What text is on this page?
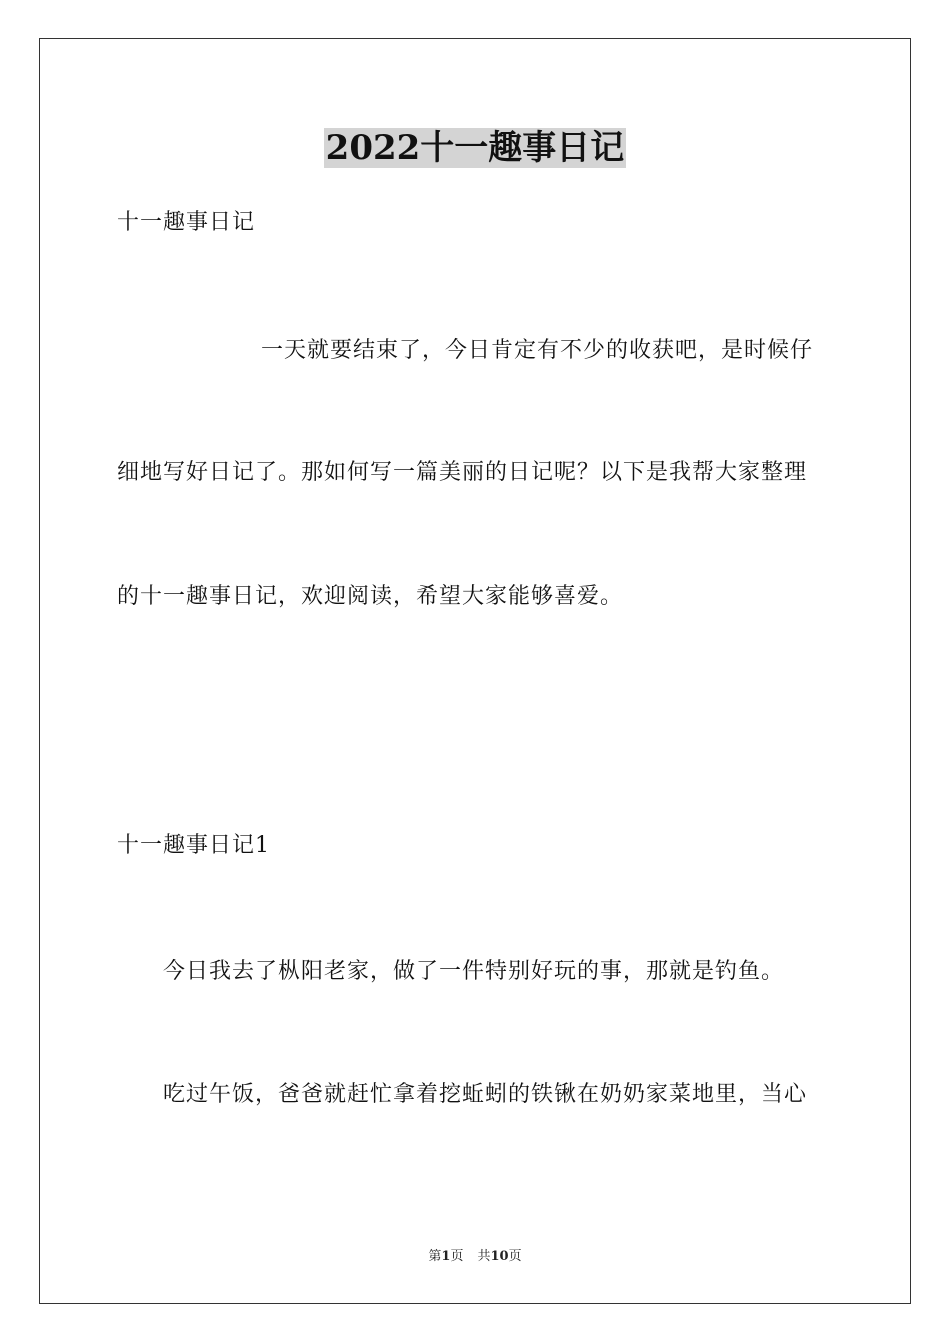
2022十一趣事日记

十一趣事日记

一天就要结束了，今日肯定有不少的收获吧，是时候仔

细地写好日记了。那如何写一篇美丽的日记呢？以下是我帮大家整理

的十一趣事日记，欢迎阅读，希望大家能够喜爱。

十一趣事日记1

今日我去了枞阳老家，做了一件特别好玩的事，那就是钓鱼。

吃过午饭，爸爸就赶忙拿着挖蚯蚓的铁锹在奶奶家菜地里，当心

第1页 共10页
